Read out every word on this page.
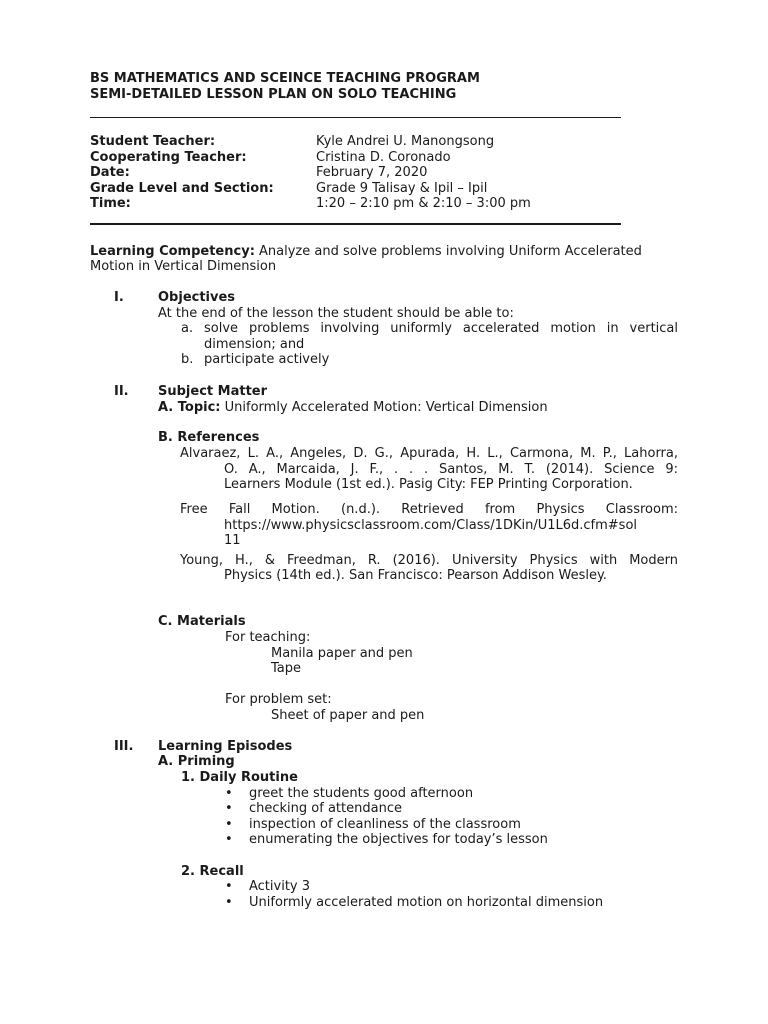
BS MATHEMATICS AND SCEINCE TEACHING PROGRAM
SEMI-DETAILED LESSON PLAN ON SOLO TEACHING
Student Teacher:	Kyle Andrei U. Manongsong
Cooperating Teacher:	Cristina D. Coronado
Date:	February 7, 2020
Grade Level and Section:	Grade 9 Talisay & Ipil – Ipil
Time:	1:20 – 2:10 pm & 2:10 – 3:00 pm
Learning Competency: Analyze and solve problems involving Uniform Accelerated
Motion in Vertical Dimension
I.	Objectives
At the end of the lesson the student should be able to:
a. solve problems involving uniformly accelerated motion in vertical
dimension; and
b. participate actively
II. Subject Matter
A. Topic: Uniformly Accelerated Motion: Vertical Dimension
B. References
Alvaraez, L. A., Angeles, D. G., Apurada, H. L., Carmona, M. P., Lahorra,
O. A., Marcaida, J. F., . . . Santos, M. T. (2014). Science 9:
Learners Module (1st ed.). Pasig City: FEP Printing Corporation.
Free Fall Motion. (n.d.). Retrieved from Physics Classroom:
https://www.physicsclassroom.com/Class/1DKin/U1L6d.cfm#sol
11
Young, H., & Freedman, R. (2016). University Physics with Modern
Physics (14th ed.). San Francisco: Pearson Addison Wesley.
C. Materials
For teaching:
Manila paper and pen
Tape
For problem set:
Sheet of paper and pen
III. Learning Episodes
A. Priming
1. Daily Routine
• greet the students good afternoon
• checking of attendance
• inspection of cleanliness of the classroom
• enumerating the objectives for today’s lesson
2. Recall
• Activity 3
• Uniformly accelerated motion on horizontal dimension
